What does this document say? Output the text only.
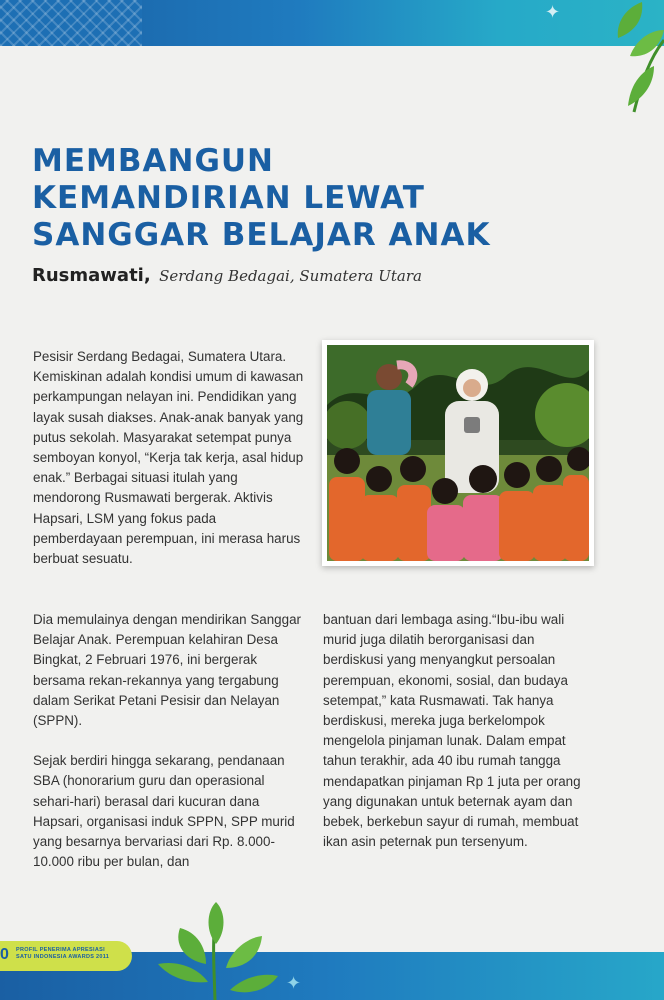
✦
MEMBANGUN
KEMANDIRIAN LEWAT
SANGGAR BELAJAR ANAK
Rusmawati, Serdang Bedagai, Sumatera Utara

Pesisir Serdang Bedagai, Sumatera Utara. Kemiskinan adalah kondisi umum di kawasan perkampungan nelayan ini. Pendidikan yang layak susah diakses. Anak-anak banyak yang putus sekolah. Masyarakat setempat punya semboyan konyol, “Kerja tak kerja, asal hidup enak.” Berbagai situasi itulah yang mendorong Rusmawati bergerak. Aktivis Hapsari, LSM yang fokus pada pemberdayaan perempuan, ini merasa harus berbuat sesuatu.

Dia memulainya dengan mendirikan Sanggar Belajar Anak. Perempuan kelahiran Desa Bingkat, 2 Februari 1976, ini bergerak bersama rekan-rekannya yang tergabung dalam Serikat Petani Pesisir dan Nelayan (SPPN).

Sejak berdiri hingga sekarang, pendanaan SBA (honorarium guru dan operasional sehari-hari) berasal dari kucuran dana Hapsari, organisasi induk SPPN, SPP murid yang besarnya bervariasi dari Rp. 8.000-10.000 ribu per bulan, dan

bantuan dari lembaga asing.“Ibu-ibu wali murid juga dilatih berorganisasi dan berdiskusi yang menyangkut persoalan perempuan, ekonomi, sosial, dan budaya setempat,” kata Rusmawati. Tak hanya berdiskusi, mereka juga berkelompok mengelola pinjaman lunak. Dalam empat tahun terakhir, ada 40 ibu rumah tangga mendapatkan pinjaman Rp 1 juta per orang yang digunakan untuk beternak ayam dan bebek, berkebun sayur di rumah, membuat ikan asin peternak pun tersenyum.

0 PROFIL PENERIMA APRESIASI
SATU INDONESIA AWARDS 2011
✦
